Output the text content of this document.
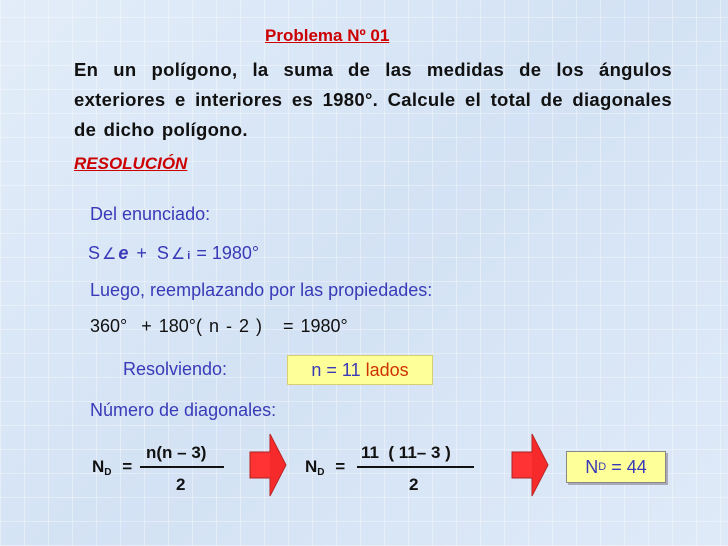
Problema Nº 01
En un polígono, la suma de las medidas de los ángulos exteriores e interiores es 1980°. Calcule el total de diagonales de dicho polígono.
RESOLUCIÓN
Del enunciado:
S ∠ e + S ∠ i = 1980°
Luego, reemplazando por las propiedades:
360°  + 180°( n - 2 )   = 1980°
Resolviendo:	n = 11 lados
Número de diagonales:
ND =
n(n – 3)
2
ND =
11  ( 11– 3 )
2
N D = 44
